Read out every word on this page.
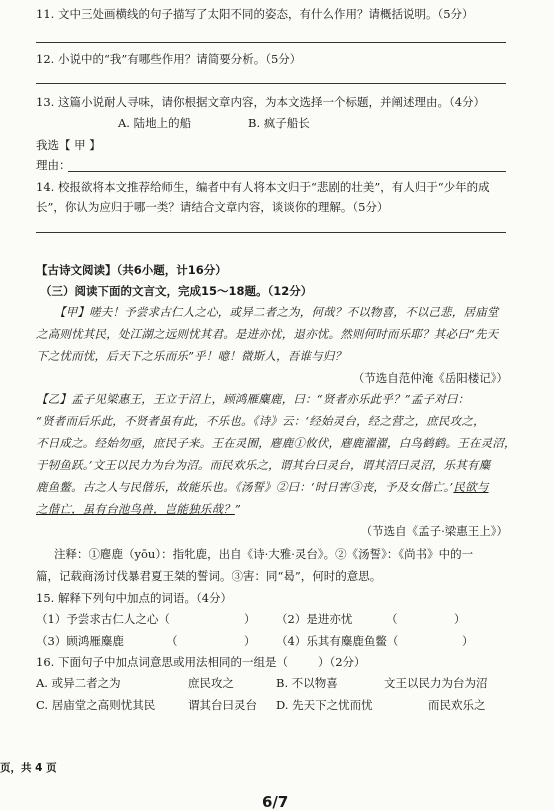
11. 文中三处画横线的句子描写了太阳不同的姿态，有什么作用？请概括说明。（5分）
12. 小说中的“我”有哪些作用？请简要分析。（5分）
13. 这篇小说耐人寻味，请你根据文章内容，为本文选择一个标题，并阐述理由。（4分）
A. 陆地上的船	B. 疯子船长
我选【 甲 】
理由：
14. 校报欲将本文推荐给师生，编者中有人将本文归于“悲剧的壮美”，有人归于“少年的成
长”，你认为应归于哪一类？请结合文章内容，谈谈你的理解。（5分）
【古诗文阅读】（共6小题，计16分）
（三）阅读下面的文言文，完成15～18题。（12分）
【甲】嗟夫！予尝求古仁人之心，或异二者之为，何哉？不以物喜，不以己悲，居庙堂
之高则忧其民，处江湖之远则忧其君。是进亦忧，退亦忧。然则何时而乐耶？其必曰“先天
下之忧而忧，后天下之乐而乐”乎！噫！微斯人，吾谁与归？
（节选自范仲淹《岳阳楼记》）
【乙】孟子见梁惠王，王立于沼上，顾鸿雁麋鹿，曰：“贤者亦乐此乎？”孟子对曰：
“贤者而后乐此，不贤者虽有此，不乐也。《诗》云：‘经始灵台，经之营之，庶民攻之，
不日成之。经始勿亟，庶民子来。王在灵囿，麀鹿①攸伏，麀鹿濯濯，白鸟鹤鹤。王在灵沼，
于牣鱼跃。’文王以民力为台为沼。而民欢乐之，谓其台曰灵台，谓其沼曰灵沼，乐其有麋
鹿鱼鳖。古之人与民偕乐，故能乐也。《汤誓》②曰：‘时日害③丧，予及女偕亡。’民欲与
之偕亡，虽有台池鸟兽，岂能独乐哉？”
（节选自《孟子·梁惠王上》）
注释：①麀鹿（yōu）：指牝鹿，出自《诗·大雅·灵台》。②《汤誓》：《尚书》中的一
篇，记载商汤讨伐暴君夏王桀的誓词。③害：同“曷”，何时的意思。
15. 解释下列句中加点的词语。（4分）
（1）予尝求古仁人之心（	） （2）是进亦忧	（	）
（3）顾鸿雁麋鹿	（	） （4）乐其有麋鹿鱼鳖（	）
16. 下面句子中加点词意思或用法相同的一组是（	）（2分）
A. 或异二者之为	庶民攻之	B. 不以物喜	文王以民力为台为沼
C. 居庙堂之高则忧其民	谓其台曰灵台 D. 先天下之忧而忧	而民欢乐之
页，共 4 页
6/7
